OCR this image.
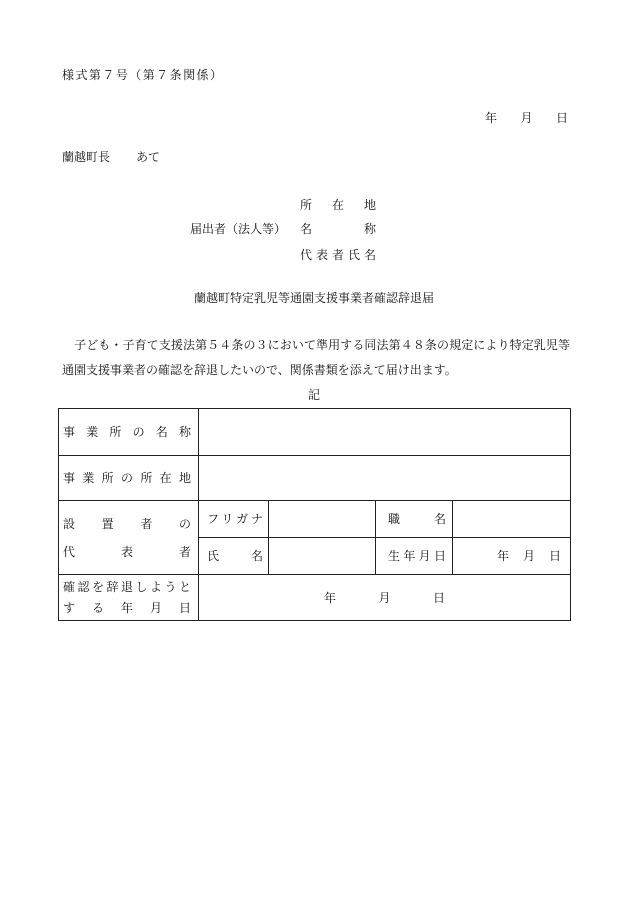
様式第７号（第７条関係）
年　　月　　日
蘭越町長 あて
届出者（法人等）
所在地
名称
代表者氏名
蘭越町特定乳児等通園支援事業者確認辞退届
　子ども・子育て支援法第５４条の３において準用する同法第４８条の規定により特定乳児等
通園支援事業者の確認を辞退したいので、関係書類を添えて届け出ます。
記
事業所の名称				
事業所の所在地				

設置者の
代表者	フリガナ		職名	
	氏名		生年月日	年　月　日

確認を辞退しようと
する年月日	年　　月　　日			
